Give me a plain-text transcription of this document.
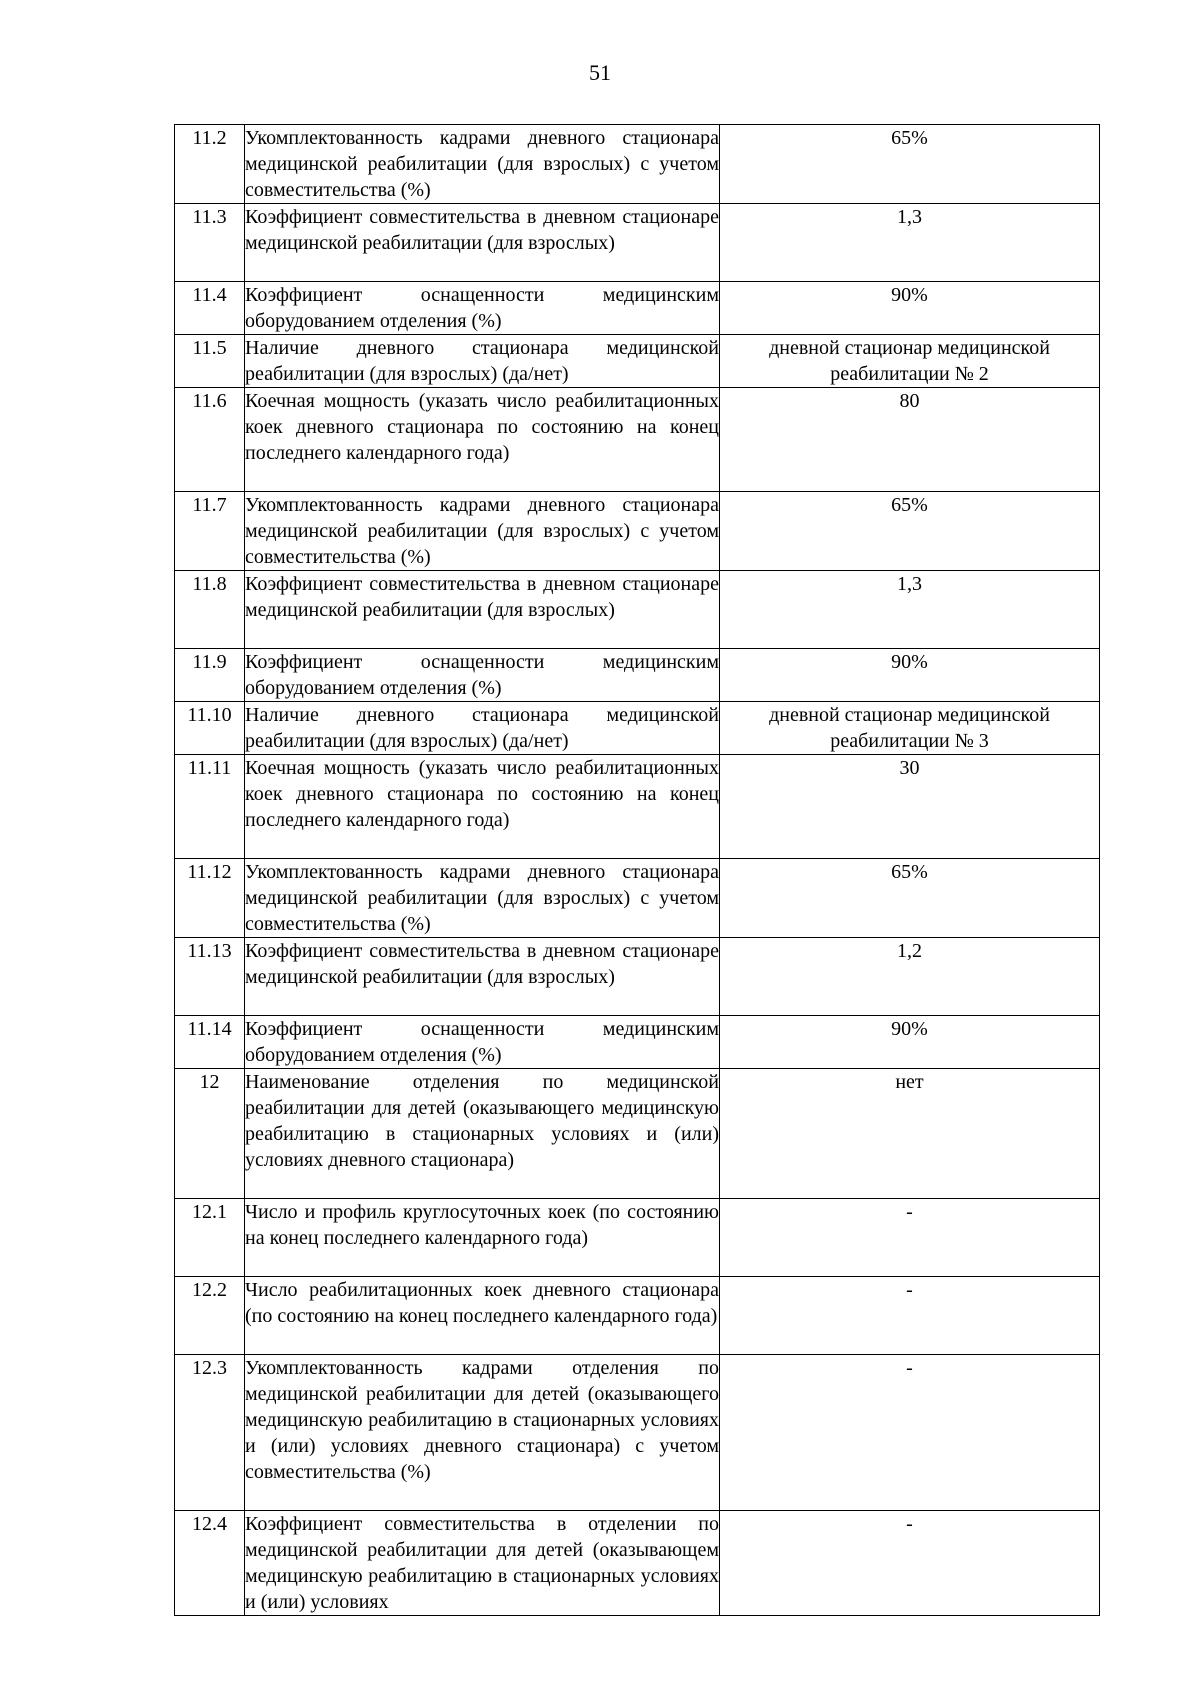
51
11.2	Укомплектованность кадрами дневного стационара медицинской реабилитации (для взрослых) с учетом совместительства (%)	65%
11.3	Коэффициент совместительства в дневном стационаре медицинской реабилитации (для взрослых)	1,3
11.4	Коэффициент оснащенности медицинским оборудованием отделения (%)	90%
11.5	Наличие дневного стационара медицинской реабилитации (для взрослых) (да/нет)	дневной стационар медицинской реабилитации № 2
11.6	Коечная мощность (указать число реабилитационных коек дневного стационара по состоянию на конец последнего календарного года)	80
11.7	Укомплектованность кадрами дневного стационара медицинской реабилитации (для взрослых) с учетом совместительства (%)	65%
11.8	Коэффициент совместительства в дневном стационаре медицинской реабилитации (для взрослых)	1,3
11.9	Коэффициент оснащенности медицинским оборудованием отделения (%)	90%
11.10	Наличие дневного стационара медицинской реабилитации (для взрослых) (да/нет)	дневной стационар медицинской реабилитации № 3
11.11	Коечная мощность (указать число реабилитационных коек дневного стационара по состоянию на конец последнего календарного года)	30
11.12	Укомплектованность кадрами дневного стационара медицинской реабилитации (для взрослых) с учетом совместительства (%)	65%
11.13	Коэффициент совместительства в дневном стационаре медицинской реабилитации (для взрослых)	1,2
11.14	Коэффициент оснащенности медицинским оборудованием отделения (%)	90%
12	Наименование отделения по медицинской реабилитации для детей (оказывающего медицинскую реабилитацию в стационарных условиях и (или) условиях дневного стационара)	нет
12.1	Число и профиль круглосуточных коек (по состоянию на конец последнего календарного года)	-
12.2	Число реабилитационных коек дневного стационара (по состоянию на конец последнего календарного года)	-
12.3	Укомплектованность кадрами отделения по медицинской реабилитации для детей (оказывающего медицинскую реабилитацию в стационарных условиях и (или) условиях дневного стационара) с учетом совместительства (%)	-
12.4	Коэффициент совместительства в отделении по медицинской реабилитации для детей (оказывающем медицинскую реабилитацию в стационарных условиях и (или) условиях	-
